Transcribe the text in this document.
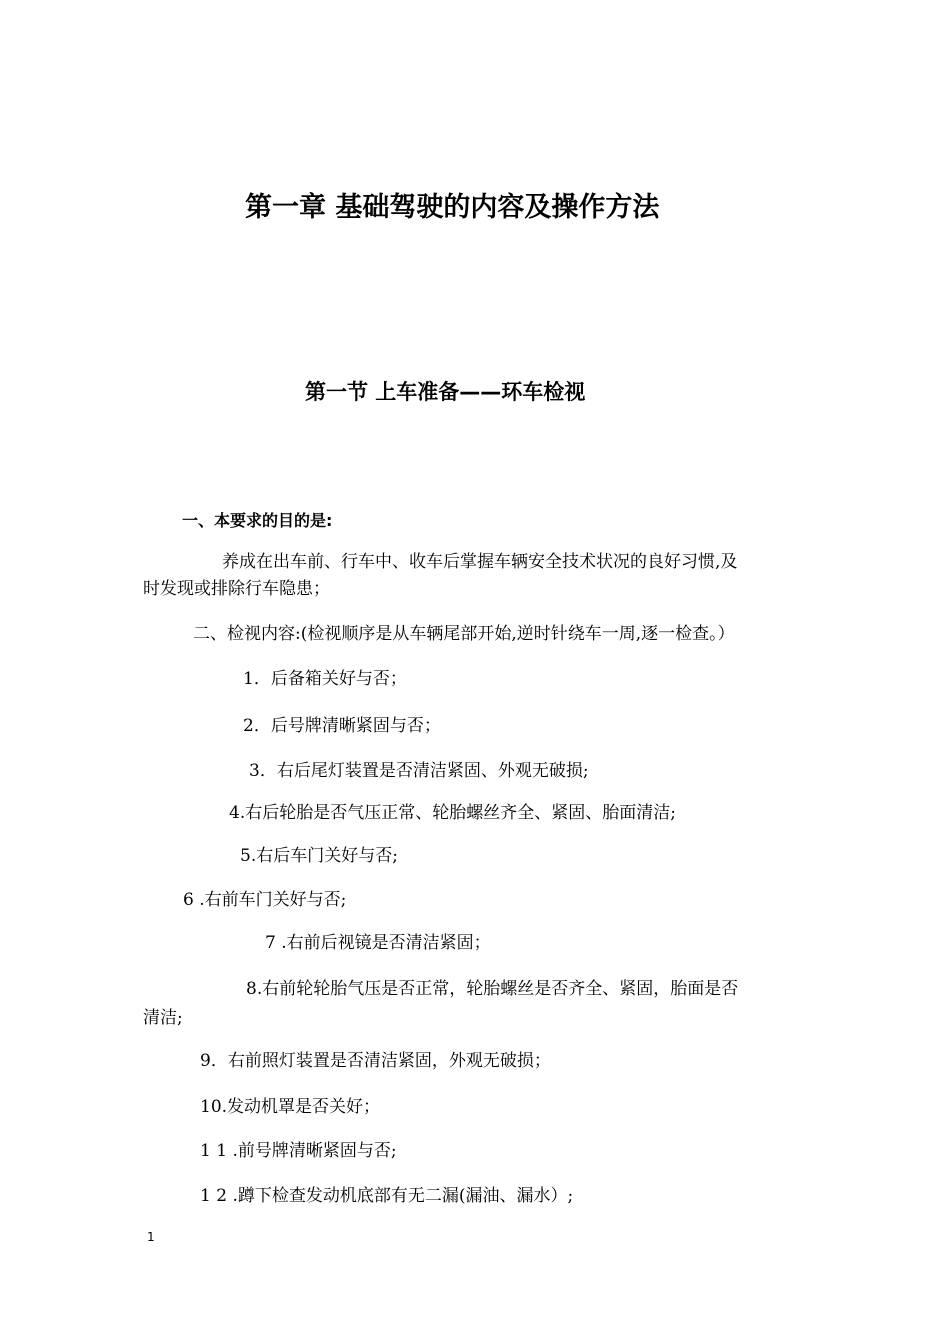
第一章 基础驾驶的内容及操作方法
第一节 上车准备——环车检视
一、本要求的目的是:
养成在出车前、行车中、收车后掌握车辆安全技术状况的良好习惯,及
时发现或排除行车隐患；
二、检视内容:(检视顺序是从车辆尾部开始,逆时针绕车一周,逐一检查。）
1．后备箱关好与否；
2．后号牌清晰紧固与否；
3．右后尾灯装置是否清洁紧固、外观无破损;
4.右后轮胎是否气压正常、轮胎螺丝齐全、紧固、胎面清洁;
5.右后车门关好与否;
6 .右前车门关好与否;
7 .右前后视镜是否清洁紧固；
8.右前轮轮胎气压是否正常，轮胎螺丝是否齐全、紧固，胎面是否
清洁;
9．右前照灯装置是否清洁紧固，外观无破损；
10.发动机罩是否关好；
1 1 .前号牌清晰紧固与否;
1 2 .蹲下检查发动机底部有无二漏(漏油、漏水）;
1
